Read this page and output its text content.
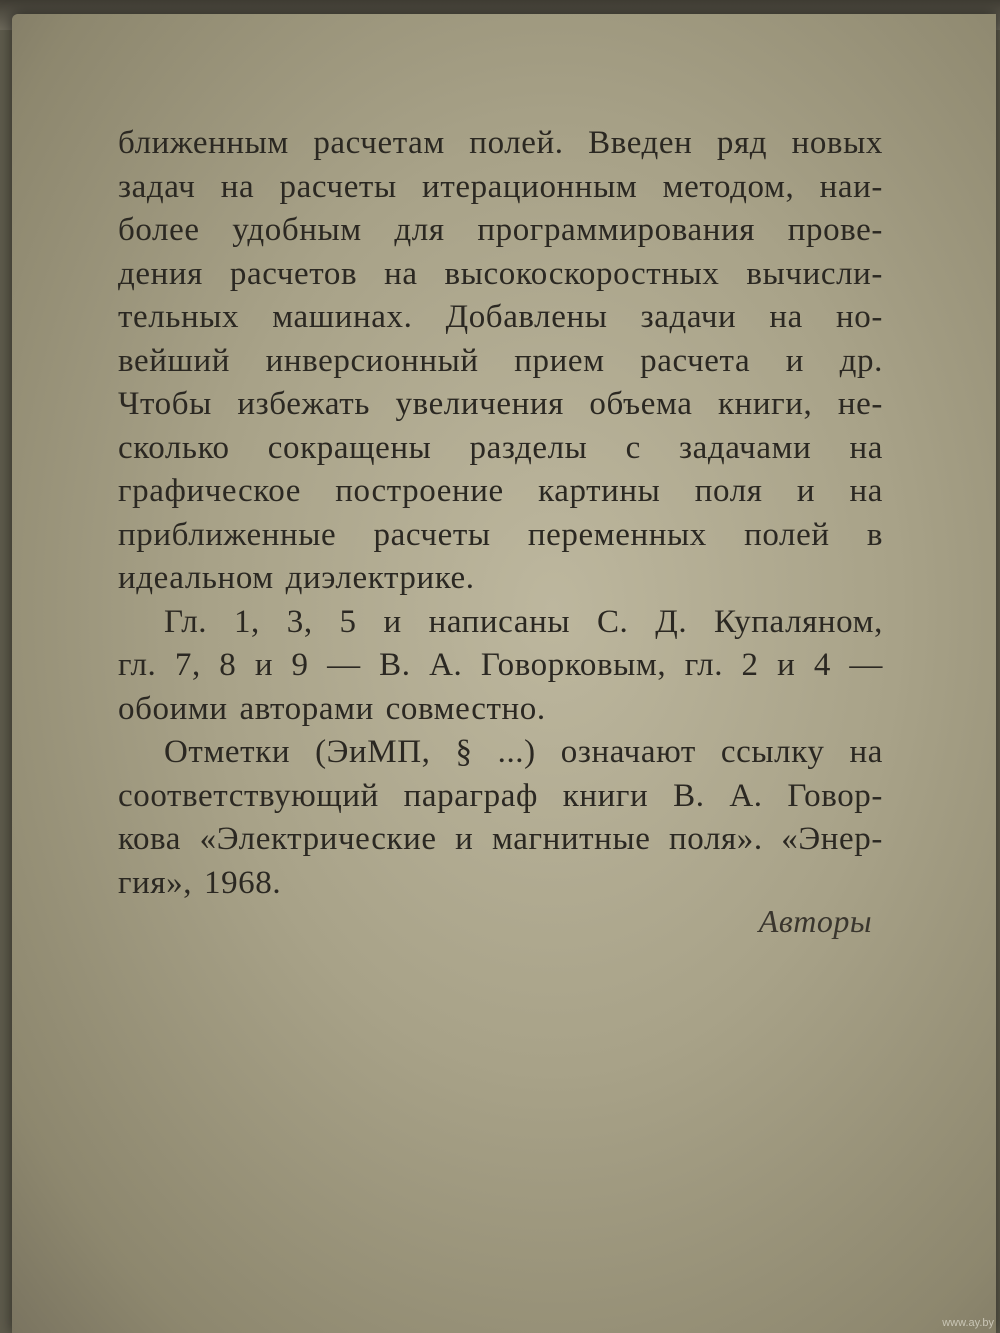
ближенным расчетам полей. Введен ряд новых
задач на расчеты итерационным методом, наи-
более удобным для программирования прове-
дения расчетов на высокоскоростных вычисли-
тельных машинах. Добавлены задачи на но-
вейший инверсионный прием расчета и др.
Чтобы избежать увеличения объема книги, не-
сколько сокращены разделы с задачами на
графическое построение картины поля и на
приближенные расчеты переменных полей в
идеальном диэлектрике.
Гл. 1, 3, 5 и написаны С. Д. Купаляном,
гл. 7, 8 и 9 — В. А. Говорковым, гл. 2 и 4 —
обоими авторами совместно.
Отметки (ЭиМП, § ...) означают ссылку на
соответствующий параграф книги В. А. Говор-
кова «Электрические и магнитные поля». «Энер-
гия», 1968.
Авторы
www.ay.by
